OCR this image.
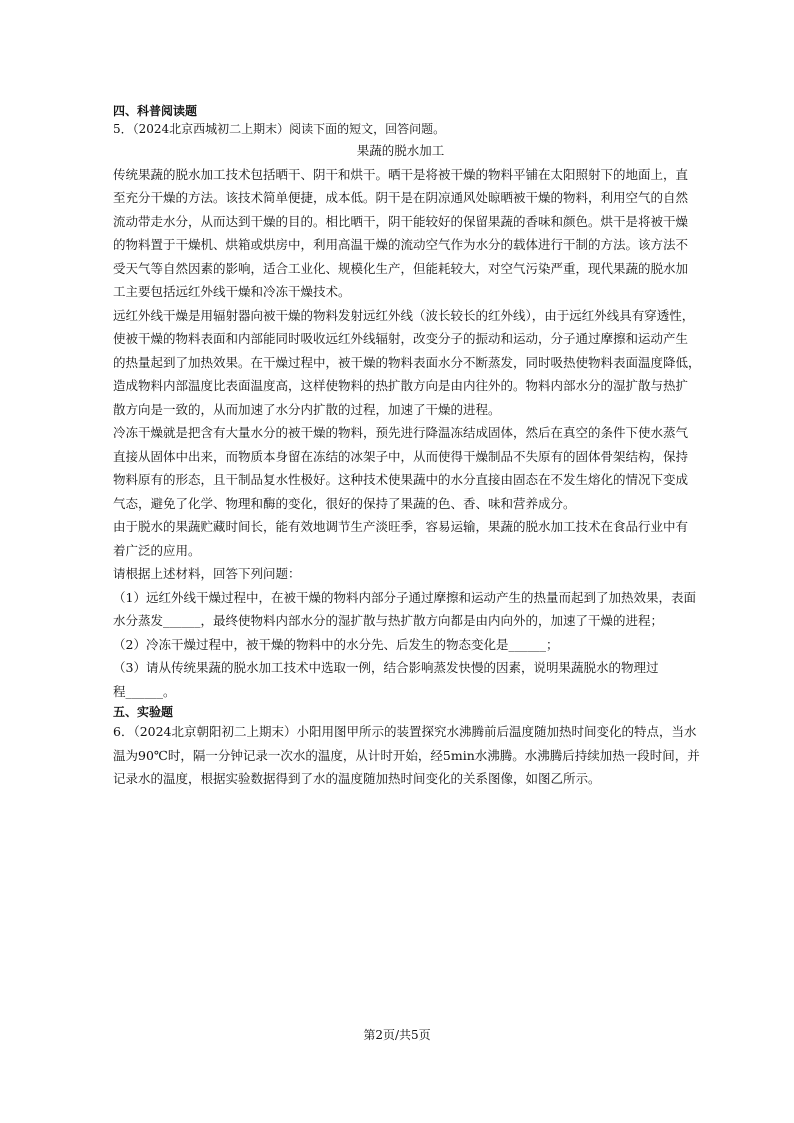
四、科普阅读题
5．（2024北京西城初二上期末）阅读下面的短文，回答问题。
果蔬的脱水加工
传统果蔬的脱水加工技术包括晒干、阴干和烘干。晒干是将被干燥的物料平铺在太阳照射下的地面上，直
至充分干燥的方法。该技术简单便捷，成本低。阴干是在阴凉通风处晾晒被干燥的物料，利用空气的自然
流动带走水分，从而达到干燥的目的。相比晒干，阴干能较好的保留果蔬的香味和颜色。烘干是将被干燥
的物料置于干燥机、烘箱或烘房中，利用高温干燥的流动空气作为水分的载体进行干制的方法。该方法不
受天气等自然因素的影响，适合工业化、规模化生产，但能耗较大，对空气污染严重，现代果蔬的脱水加
工主要包括远红外线干燥和冷冻干燥技术。
远红外线干燥是用辐射器向被干燥的物料发射远红外线（波长较长的红外线），由于远红外线具有穿透性，
使被干燥的物料表面和内部能同时吸收远红外线辐射，改变分子的振动和运动，分子通过摩擦和运动产生
的热量起到了加热效果。在干燥过程中，被干燥的物料表面水分不断蒸发，同时吸热使物料表面温度降低，
造成物料内部温度比表面温度高，这样使物料的热扩散方向是由内往外的。物料内部水分的湿扩散与热扩
散方向是一致的，从而加速了水分内扩散的过程，加速了干燥的进程。
冷冻干燥就是把含有大量水分的被干燥的物料，预先进行降温冻结成固体，然后在真空的条件下使水蒸气
直接从固体中出来，而物质本身留在冻结的冰架子中，从而使得干燥制品不失原有的固体骨架结构，保持
物料原有的形态，且干制品复水性极好。这种技术使果蔬中的水分直接由固态在不发生熔化的情况下变成
气态，避免了化学、物理和酶的变化，很好的保持了果蔬的色、香、味和营养成分。
由于脱水的果蔬贮藏时间长，能有效地调节生产淡旺季，容易运输，果蔬的脱水加工技术在食品行业中有
着广泛的应用。
请根据上述材料，回答下列问题：
（1）远红外线干燥过程中，在被干燥的物料内部分子通过摩擦和运动产生的热量而起到了加热效果，表面
水分蒸发______，最终使物料内部水分的湿扩散与热扩散方向都是由内向外的，加速了干燥的进程；
（2）冷冻干燥过程中，被干燥的物料中的水分先、后发生的物态变化是______；
（3）请从传统果蔬的脱水加工技术中选取一例，结合影响蒸发快慢的因素，说明果蔬脱水的物理过
程______。
五、实验题
6．（2024北京朝阳初二上期末）小阳用图甲所示的装置探究水沸腾前后温度随加热时间变化的特点，当水
温为90℃时，隔一分钟记录一次水的温度，从计时开始，经5min水沸腾。水沸腾后持续加热一段时间，并
记录水的温度，根据实验数据得到了水的温度随加热时间变化的关系图像，如图乙所示。
第2页/共5页
